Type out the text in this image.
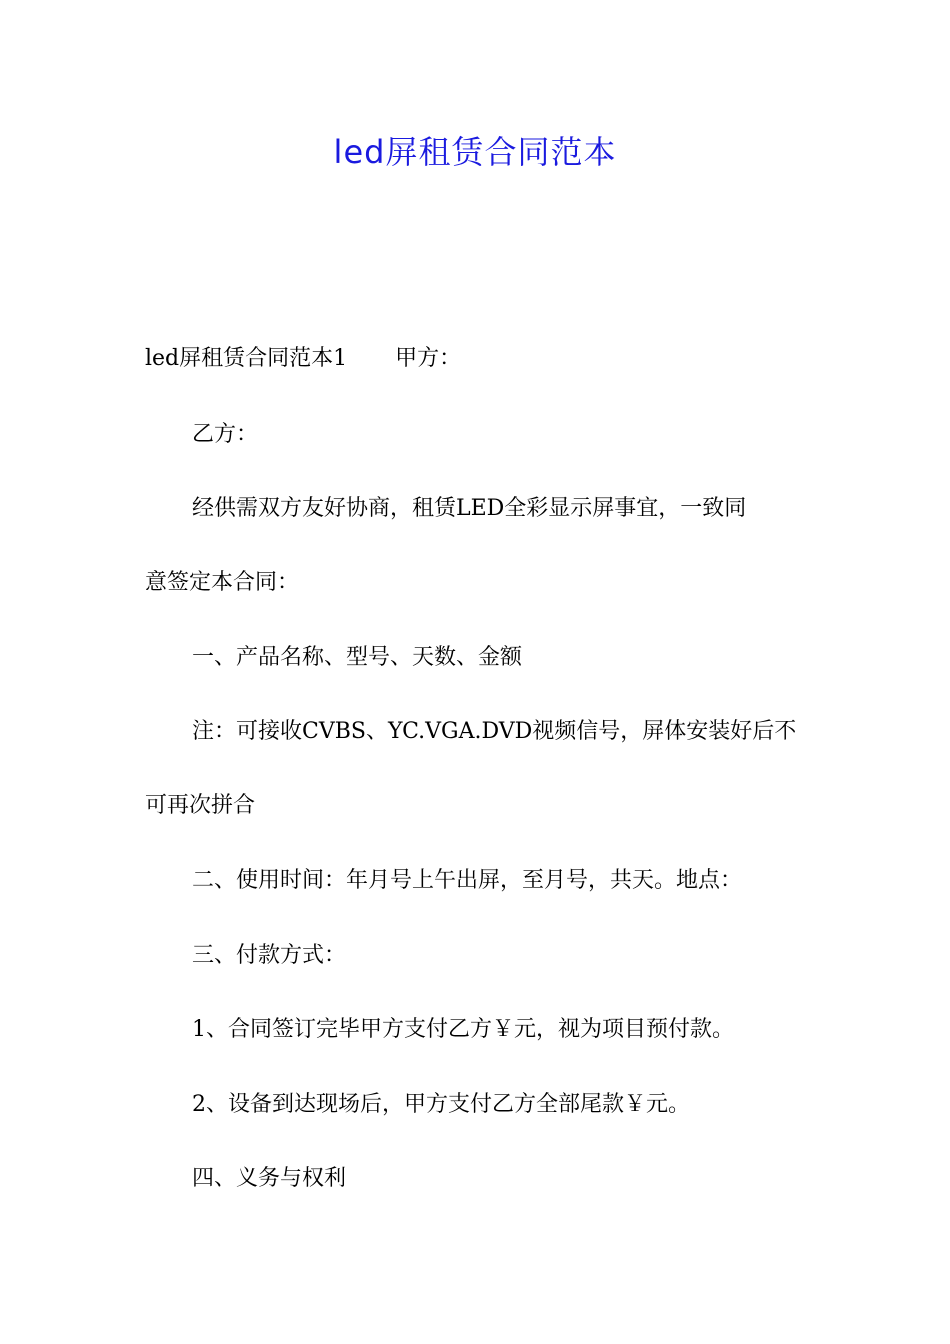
led屏租赁合同范本
led屏租赁合同范本1 甲方：
乙方：
经供需双方友好协商，租赁LED全彩显示屏事宜，一致同
意签定本合同：
一、产品名称、型号、天数、金额
注：可接收CVBS、YC.VGA.DVD视频信号，屏体安装好后不
可再次拼合
二、使用时间：年月号上午出屏，至月号，共天。地点：
三、付款方式：
1、合同签订完毕甲方支付乙方￥元，视为项目预付款。
2、设备到达现场后，甲方支付乙方全部尾款￥元。
四、义务与权利
